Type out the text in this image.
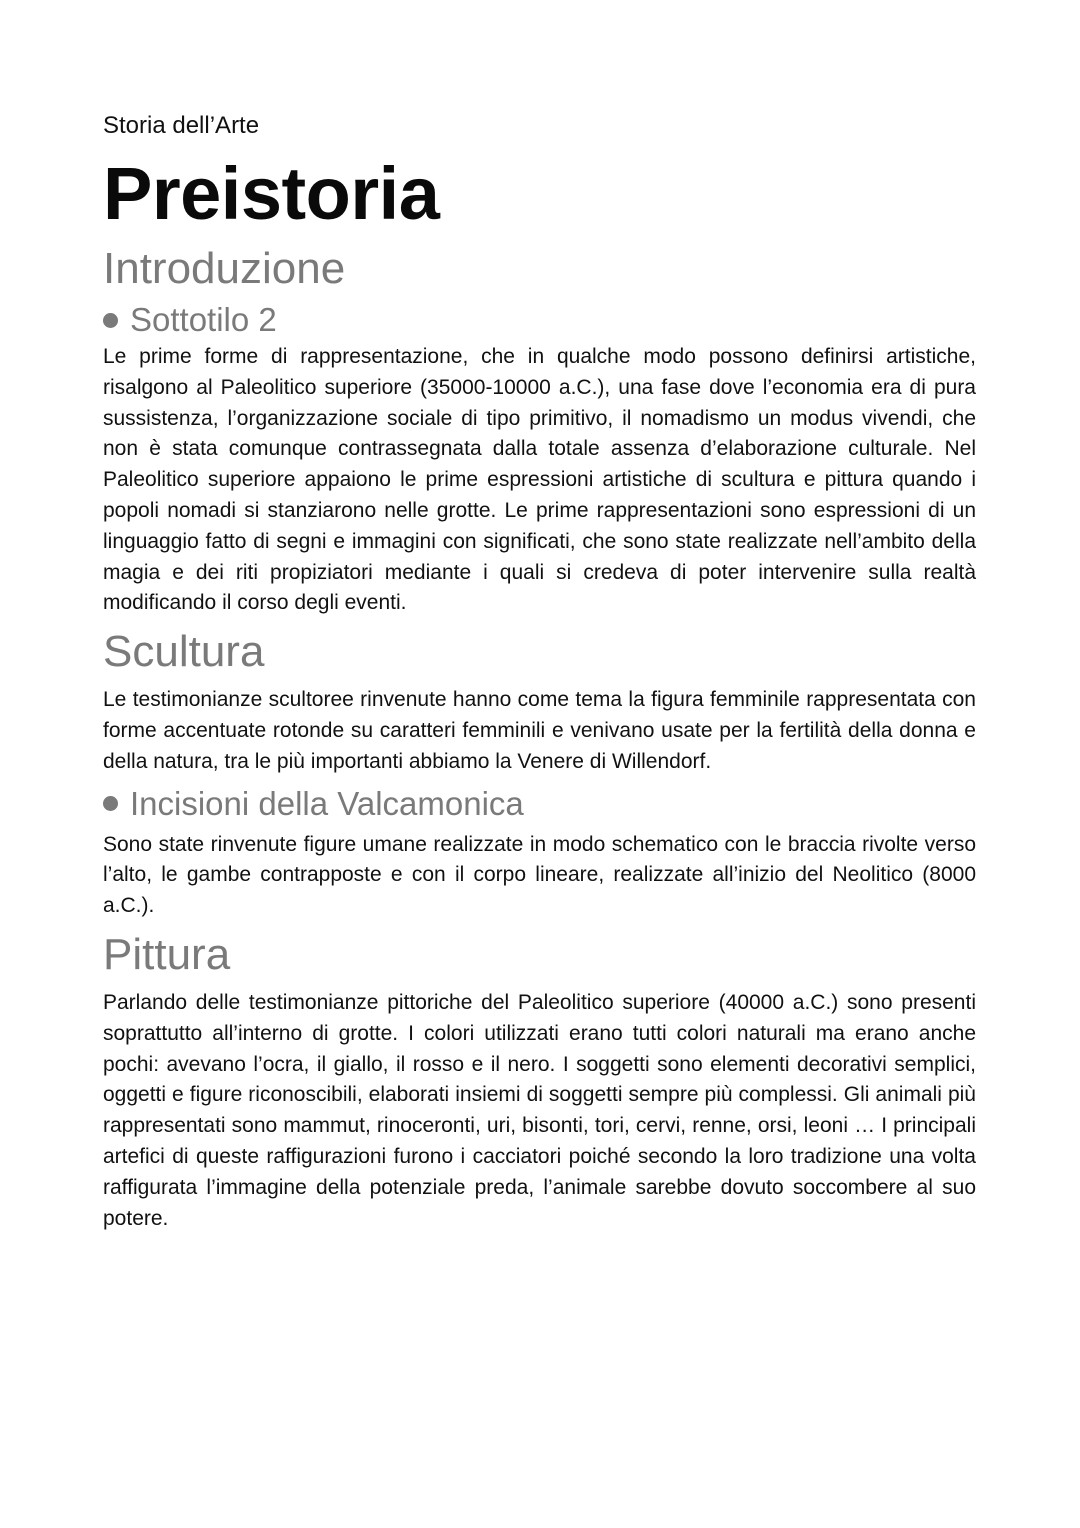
Storia dell’Arte

Preistoria
Introduzione
Sottotilo 2

Le prime forme di rappresentazione, che in qualche modo possono definirsi artistiche, risalgono al Paleolitico superiore (35000-10000 a.C.), una fase dove l’economia era di pura sussistenza, l’organizzazione sociale di tipo primitivo, il nomadismo un modus vivendi, che non è stata comunque contrassegnata dalla totale assenza d’elaborazione culturale. Nel Paleolitico superiore appaiono le prime espressioni artistiche di scultura e pittura quando i popoli nomadi si stanziarono nelle grotte. Le prime rappresentazioni sono espressioni di un linguaggio fatto di segni e immagini con significati, che sono state realizzate nell’ambito della magia e dei riti propiziatori mediante i quali si credeva di poter intervenire sulla realtà modificando il corso degli eventi.

Scultura

Le testimonianze scultoree rinvenute hanno come tema la figura femminile rappresentata con forme accentuate rotonde su caratteri femminili e venivano usate per la fertilità della donna e della natura, tra le più importanti abbiamo la Venere di Willendorf.

Incisioni della Valcamonica

Sono state rinvenute figure umane realizzate in modo schematico con le braccia rivolte verso l’alto, le gambe contrapposte e con il corpo lineare, realizzate all’inizio del Neolitico (8000 a.C.).

Pittura

Parlando delle testimonianze pittoriche del Paleolitico superiore (40000 a.C.) sono presenti soprattutto all’interno di grotte. I colori utilizzati erano tutti colori naturali ma erano anche pochi: avevano l’ocra, il giallo, il rosso e il nero. I soggetti sono elementi decorativi semplici, oggetti e figure riconoscibili, elaborati insiemi di soggetti sempre più complessi. Gli animali più rappresentati sono mammut, rinoceronti, uri, bisonti, tori, cervi, renne, orsi, leoni … I principali artefici di queste raffigurazioni furono i cacciatori poiché secondo la loro tradizione una volta raffigurata l’immagine della potenziale preda, l’animale sarebbe dovuto soccombere al suo potere.
